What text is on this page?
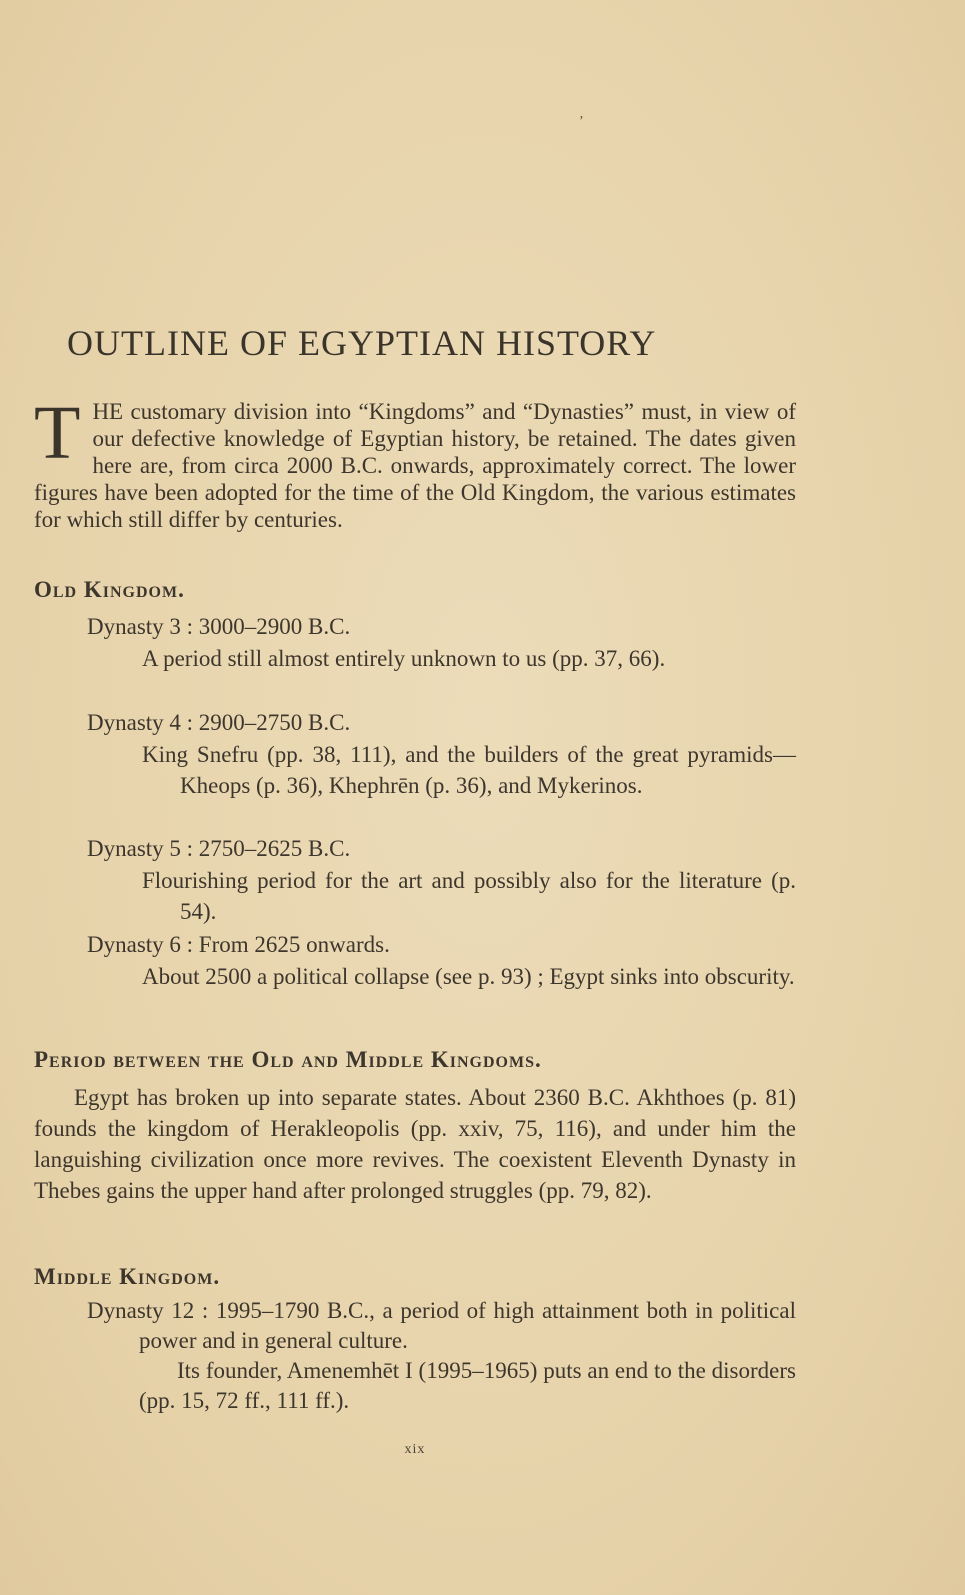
ʼ
OUTLINE OF EGYPTIAN HISTORY

THE customary division into “Kingdoms” and “Dynasties” must, in view of our defective knowledge of Egyptian history, be retained. The dates given here are, from circa 2000 B.C. onwards, approximately correct. The lower figures have been adopted for the time of the Old Kingdom, the various estimates for which still differ by centuries.

Old Kingdom.

Dynasty 3 : 3000–2900 B.C.

A period still almost entirely unknown to us (pp. 37, 66).

Dynasty 4 : 2900–2750 B.C.

King Snefru (pp. 38, 111), and the builders of the great pyramids—Kheops (p. 36), Khephrēn (p. 36), and Mykerinos.

Dynasty 5 : 2750–2625 B.C.

Flourishing period for the art and possibly also for the literature (p. 54).

Dynasty 6 : From 2625 onwards.

About 2500 a political collapse (see p. 93) ; Egypt sinks into obscurity.

Period between the Old and Middle Kingdoms.

Egypt has broken up into separate states. About 2360 B.C. Akhthoes (p. 81) founds the kingdom of Herakleopolis (pp. xxiv, 75, 116), and under him the languishing civilization once more revives. The coexistent Eleventh Dynasty in Thebes gains the upper hand after prolonged struggles (pp. 79, 82).

Middle Kingdom.

Dynasty 12 : 1995–1790 B.C., a period of high attainment both in political power and in general culture.

Its founder, Amenemhēt I (1995–1965) puts an end to the disorders (pp. 15, 72 ff., 111 ff.).

xix
